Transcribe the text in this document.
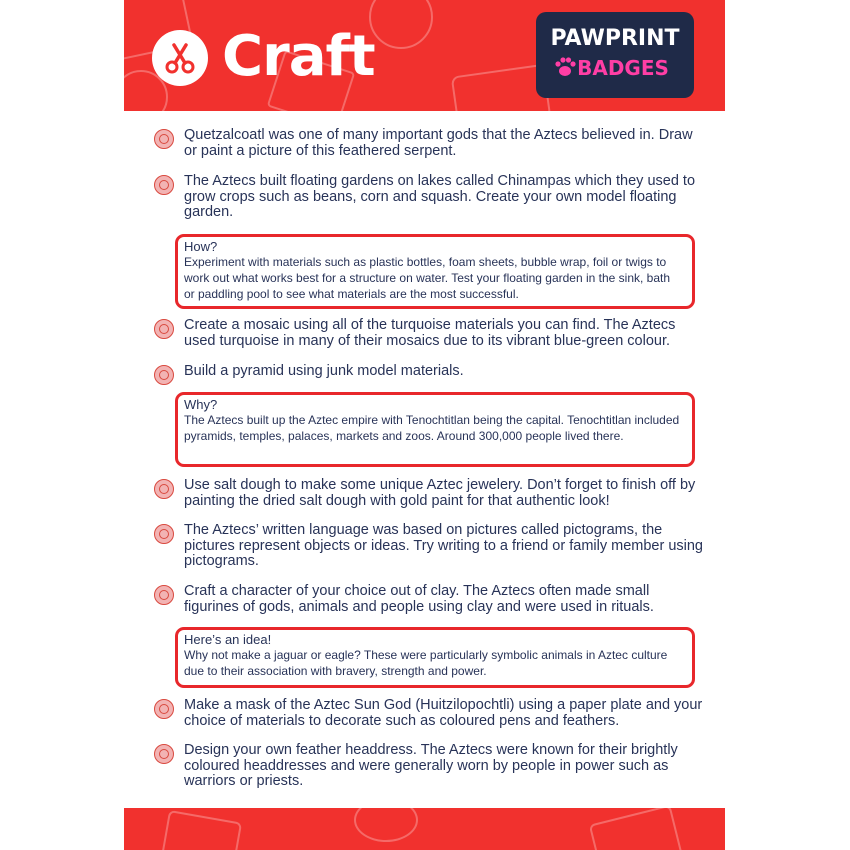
Craft	PAWPRINT
BADGES
Quetzalcoatl was one of many important gods that the Aztecs believed in. Draw or paint a picture of this feathered serpent.
The Aztecs built floating gardens on lakes called Chinampas which they used to grow crops such as beans, corn and squash. Create your own model floating garden.
How?
Experiment with materials such as plastic bottles, foam sheets, bubble wrap, foil or twigs to work out what works best for a structure on water. Test your floating garden in the sink, bath or paddling pool to see what materials are the most successful.
Create a mosaic using all of the turquoise materials you can find. The Aztecs used turquoise in many of their mosaics due to its vibrant blue-green colour.
Build a pyramid using junk model materials.
Why?
The Aztecs built up the Aztec empire with Tenochtitlan being the capital. Tenochtitlan included pyramids, temples, palaces, markets and zoos. Around 300,000 people lived there.
Use salt dough to make some unique Aztec jewelery. Don’t forget to finish off by painting the dried salt dough with gold paint for that authentic look!
The Aztecs’ written language was based on pictures called pictograms, the pictures represent objects or ideas. Try writing to a friend or family member using pictograms.
Craft a character of your choice out of clay. The Aztecs often made small figurines of gods, animals and people using clay and were used in rituals.
Here’s an idea!
Why not make a jaguar or eagle? These were particularly symbolic animals in Aztec culture due to their association with bravery, strength and power.
Make a mask of the Aztec Sun God (Huitzilopochtli) using a paper plate and your choice of materials to decorate such as coloured pens and feathers.
Design your own feather headdress. The Aztecs were known for their brightly coloured headdresses and were generally worn by people in power such as warriors or priests.
